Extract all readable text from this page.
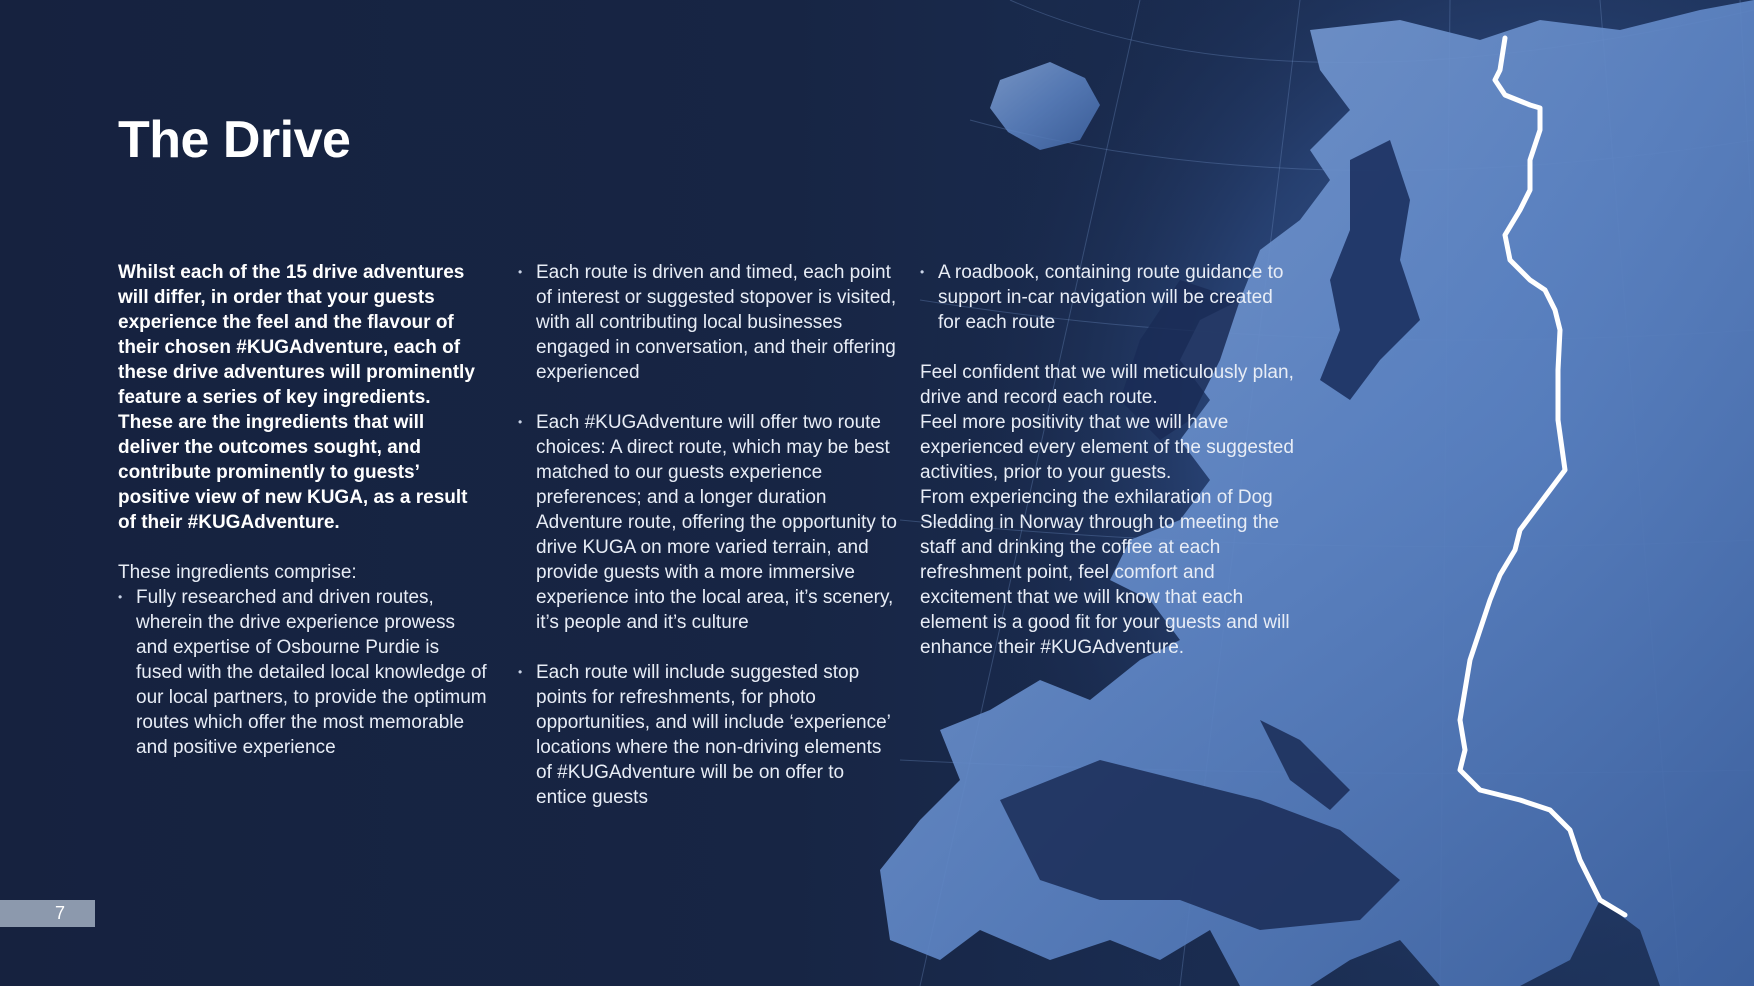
The Drive

Whilst each of the 15 drive adventures will differ, in order that your guests experience the feel and the flavour of their chosen #KUGAdventure, each of these drive adventures will prominently feature a series of key ingredients. These are the ingredients that will deliver the outcomes sought, and contribute prominently to guests’ positive view of new KUGA, as a result of their #KUGAdventure.

These ingredients comprise:

• Fully researched and driven routes, wherein the drive experience prowess and expertise of Osbourne Purdie is fused with the detailed local knowledge of our local partners, to provide the optimum routes which offer the most memorable and positive experience
• Each route is driven and timed, each point of interest or suggested stopover is visited, with all contributing local businesses engaged in conversation, and their offering experienced
• Each #KUGAdventure will offer two route choices: A direct route, which may be best matched to our guests experience preferences; and a longer duration Adventure route, offering the opportunity to drive KUGA on more varied terrain, and provide guests with a more immersive experience into the local area, it’s scenery, it’s people and it’s culture
• Each route will include suggested stop points for refreshments, for photo opportunities, and will include ‘experience’ locations where the non-driving elements of #KUGAdventure will be on offer to entice guests
• A roadbook, containing route guidance to support in-car navigation will be created for each route

Feel confident that we will meticulously plan, drive and record each route.

Feel more positivity that we will have experienced every element of the suggested activities, prior to your guests.

From experiencing the exhilaration of Dog Sledding in Norway through to meeting the staff and drinking the coffee at each refreshment point, feel comfort and excitement that we will know that each element is a good fit for your guests and will enhance their #KUGAdventure.

7
